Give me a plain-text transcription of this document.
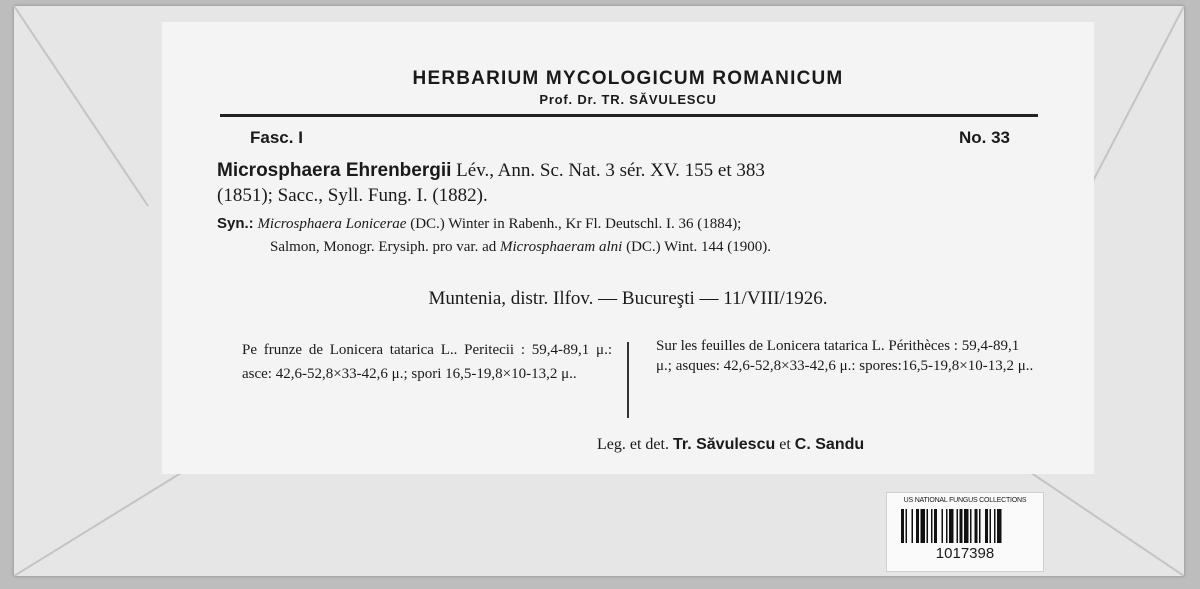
HERBARIUM MYCOLOGICUM ROMANICUM
Prof. Dr. TR. SĂVULESCU
Fasc. I	No. 33
Microsphaera Ehrenbergii Lév., Ann. Sc. Nat. 3 sér. XV. 155 et 383
(1851); Sacc., Syll. Fung. I. (1882).
Syn.: Microsphaera Lonicerae (DC.) Winter in Rabenh., Kr Fl. Deutschl. I. 36 (1884);
Salmon, Monogr. Erysiph. pro var. ad Microsphaeram alni (DC.) Wint. 144 (1900).
Muntenia, distr. Ilfov. — Bucureşti — 11/VIII/1926.
Pe frunze de Lonicera tatarica L.. Peritecii : 59,4-89,1 μ.: asce: 42,6-52,8×33-42,6 μ.; spori 16,5-19,8×10-13,2 μ..
Sur les feuilles de Lonicera tatarica L. Périthèces : 59,4-89,1 μ.; asques: 42,6-52,8×33-42,6 μ.: spores:16,5-19,8×10-13,2 μ..
Leg. et det. Tr. Săvulescu et C. Sandu
US NATIONAL FUNGUS COLLECTIONS
1017398
